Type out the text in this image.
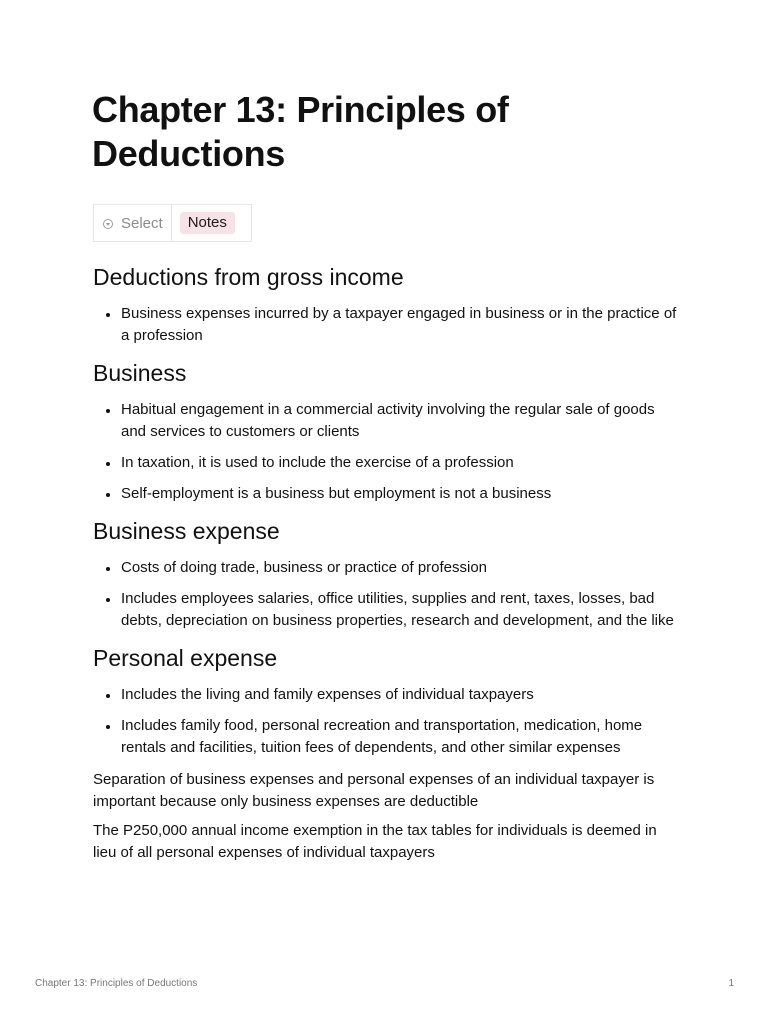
Chapter 13: Principles of Deductions
Select	Notes
Deductions from gross income
• Business expenses incurred by a taxpayer engaged in business or in the practice of a profession
Business
• Habitual engagement in a commercial activity involving the regular sale of goods and services to customers or clients
• In taxation, it is used to include the exercise of a profession
• Self-employment is a business but employment is not a business
Business expense
• Costs of doing trade, business or practice of profession
• Includes employees salaries, office utilities, supplies and rent, taxes, losses, bad debts, depreciation on business properties, research and development, and the like
Personal expense
• Includes the living and family expenses of individual taxpayers
• Includes family food, personal recreation and transportation, medication, home rentals and facilities, tuition fees of dependents, and other similar expenses

Separation of business expenses and personal expenses of an individual taxpayer is important because only business expenses are deductible

The P250,000 annual income exemption in the tax tables for individuals is deemed in lieu of all personal expenses of individual taxpayers

Chapter 13: Principles of Deductions	1
